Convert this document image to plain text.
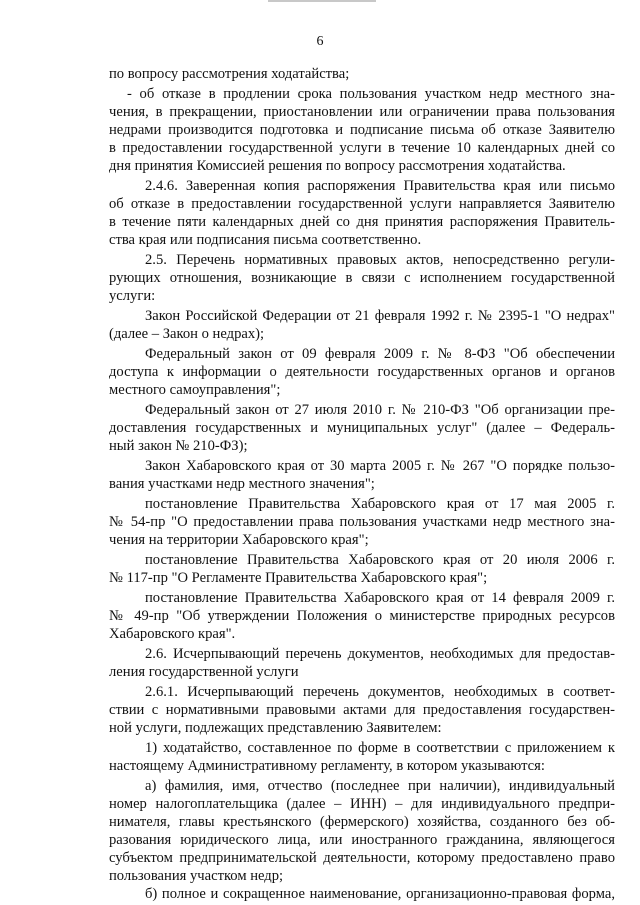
6
по вопросу рассмотрения ходатайства;
- об отказе в продлении срока пользования участком недр местного зна-
чения, в прекращении, приостановлении или ограничении права пользования
недрами производится подготовка и подписание письма об отказе Заявителю
в предоставлении государственной услуги в течение 10 календарных дней со
дня принятия Комиссией решения по вопросу рассмотрения ходатайства.
2.4.6. Заверенная копия распоряжения Правительства края или письмо
об отказе в предоставлении государственной услуги направляется Заявителю
в течение пяти календарных дней со дня принятия распоряжения Правитель-
ства края или подписания письма соответственно.
2.5. Перечень нормативных правовых актов, непосредственно регули-
рующих отношения, возникающие в связи с исполнением государственной
услуги:
Закон Российской Федерации от 21 февраля 1992 г. № 2395-1 "О недрах"
(далее – Закон о недрах);
Федеральный закон от 09 февраля 2009 г. № 8-ФЗ "Об обеспечении
доступа к информации о деятельности государственных органов и органов
местного самоуправления";
Федеральный закон от 27 июля 2010 г. № 210-ФЗ "Об организации пре-
доставления государственных и муниципальных услуг" (далее – Федераль-
ный закон № 210-ФЗ);
Закон Хабаровского края от 30 марта 2005 г. № 267 "О порядке пользо-
вания участками недр местного значения";
постановление Правительства Хабаровского края от 17 мая 2005 г.
№ 54-пр "О предоставлении права пользования участками недр местного зна-
чения на территории Хабаровского края";
постановление Правительства Хабаровского края от 20 июля 2006 г.
№ 117-пр "О Регламенте Правительства Хабаровского края";
постановление Правительства Хабаровского края от 14 февраля 2009 г.
№ 49-пр "Об утверждении Положения о министерстве природных ресурсов
Хабаровского края".
2.6. Исчерпывающий перечень документов, необходимых для предостав-
ления государственной услуги
2.6.1. Исчерпывающий перечень документов, необходимых в соответ-
ствии с нормативными правовыми актами для предоставления государствен-
ной услуги, подлежащих представлению Заявителем:
1) ходатайство, составленное по форме в соответствии с приложением к
настоящему Административному регламенту, в котором указываются:
а) фамилия, имя, отчество (последнее при наличии), индивидуальный
номер налогоплательщика (далее – ИНН) – для индивидуального предпри-
нимателя, главы крестьянского (фермерского) хозяйства, созданного без об-
разования юридического лица, или иностранного гражданина, являющегося
субъектом предпринимательской деятельности, которому предоставлено право
пользования участком недр;
б) полное и сокращенное наименование, организационно-правовая форма,
